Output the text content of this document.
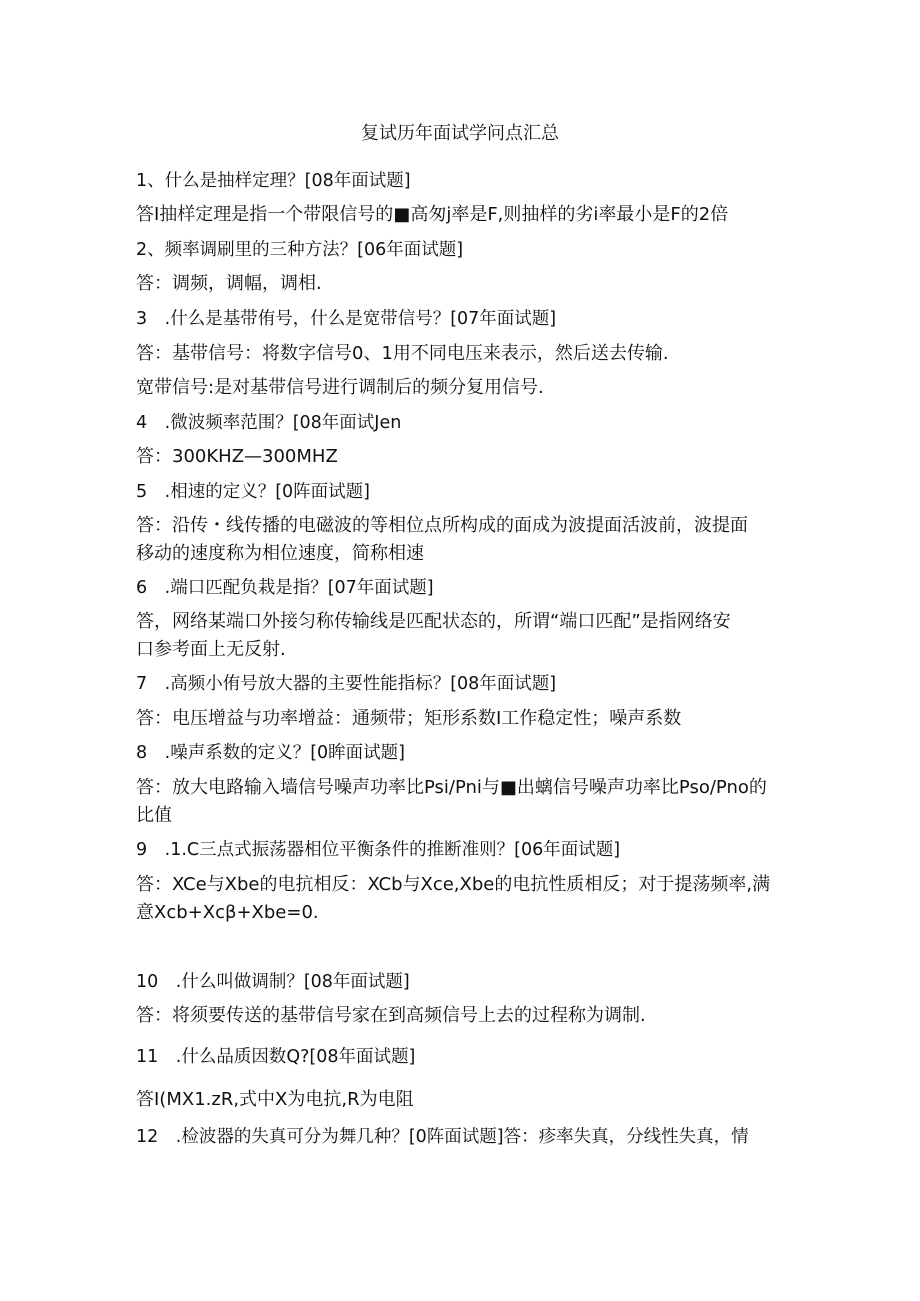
复试历年面试学问点汇总
1、什么是抽样定理？[08年面试题]
答I抽样定理是指一个带限信号的■高匆j率是F,则抽样的劣i率最小是F的2倍
2、频率调刷里的三种方法？[06年面试题]
答：调频，调幅，调相.
3　.什么是基带侑号，什么是宽带信号？[07年面试题]
答：基带信号：将数字信号0、1用不同电压来表示，然后送去传输.
宽带信号:是对基带信号进行调制后的频分复用信号.
4　.微波频率范围？[08年面试Jen
答：300KHZ—300MHZ
5　.相速的定义？[0阵面试题]
答：沿传・线传播的电磁波的等相位点所构成的面成为波提面活波前，波提面
移动的速度称为相位速度，简称相速
6　.端口匹配负栽是指？[07年面试题]
答，网络某端口外接匀称传输线是匹配状态的，所谓“端口匹配”是指网络安
口参考面上无反射.
7　.高频小侑号放大器的主要性能指标？[08年面试题]
答：电压增益与功率增益：通频带；矩形系数I工作稳定性；噪声系数
8　.噪声系数的定义？[0眸面试题]
答：放大电路输入墙信号噪声功率比Psi/Pni与■出螭信号噪声功率比Pso/Pno的
比值
9　.1.C三点式振荡器相位平衡条件的推断准则？[06年面试题]
答：XCe与Xbe的电抗相反：XCb与Xce,Xbe的电抗性质相反；对于提荡频率,满
意Xcb+Xcβ+Xbe=0.
10　.什么叫做调制？[08年面试题]
答：将须要传送的基带信号家在到高频信号上去的过程称为调制.
11　.什么品质因数Q?[08年面试题]
答I(MX1.zR,式中X为电抗,R为电阻
12　.检波器的失真可分为舞几种？[0阵面试题]答：疹率失真，分线性失真，情
